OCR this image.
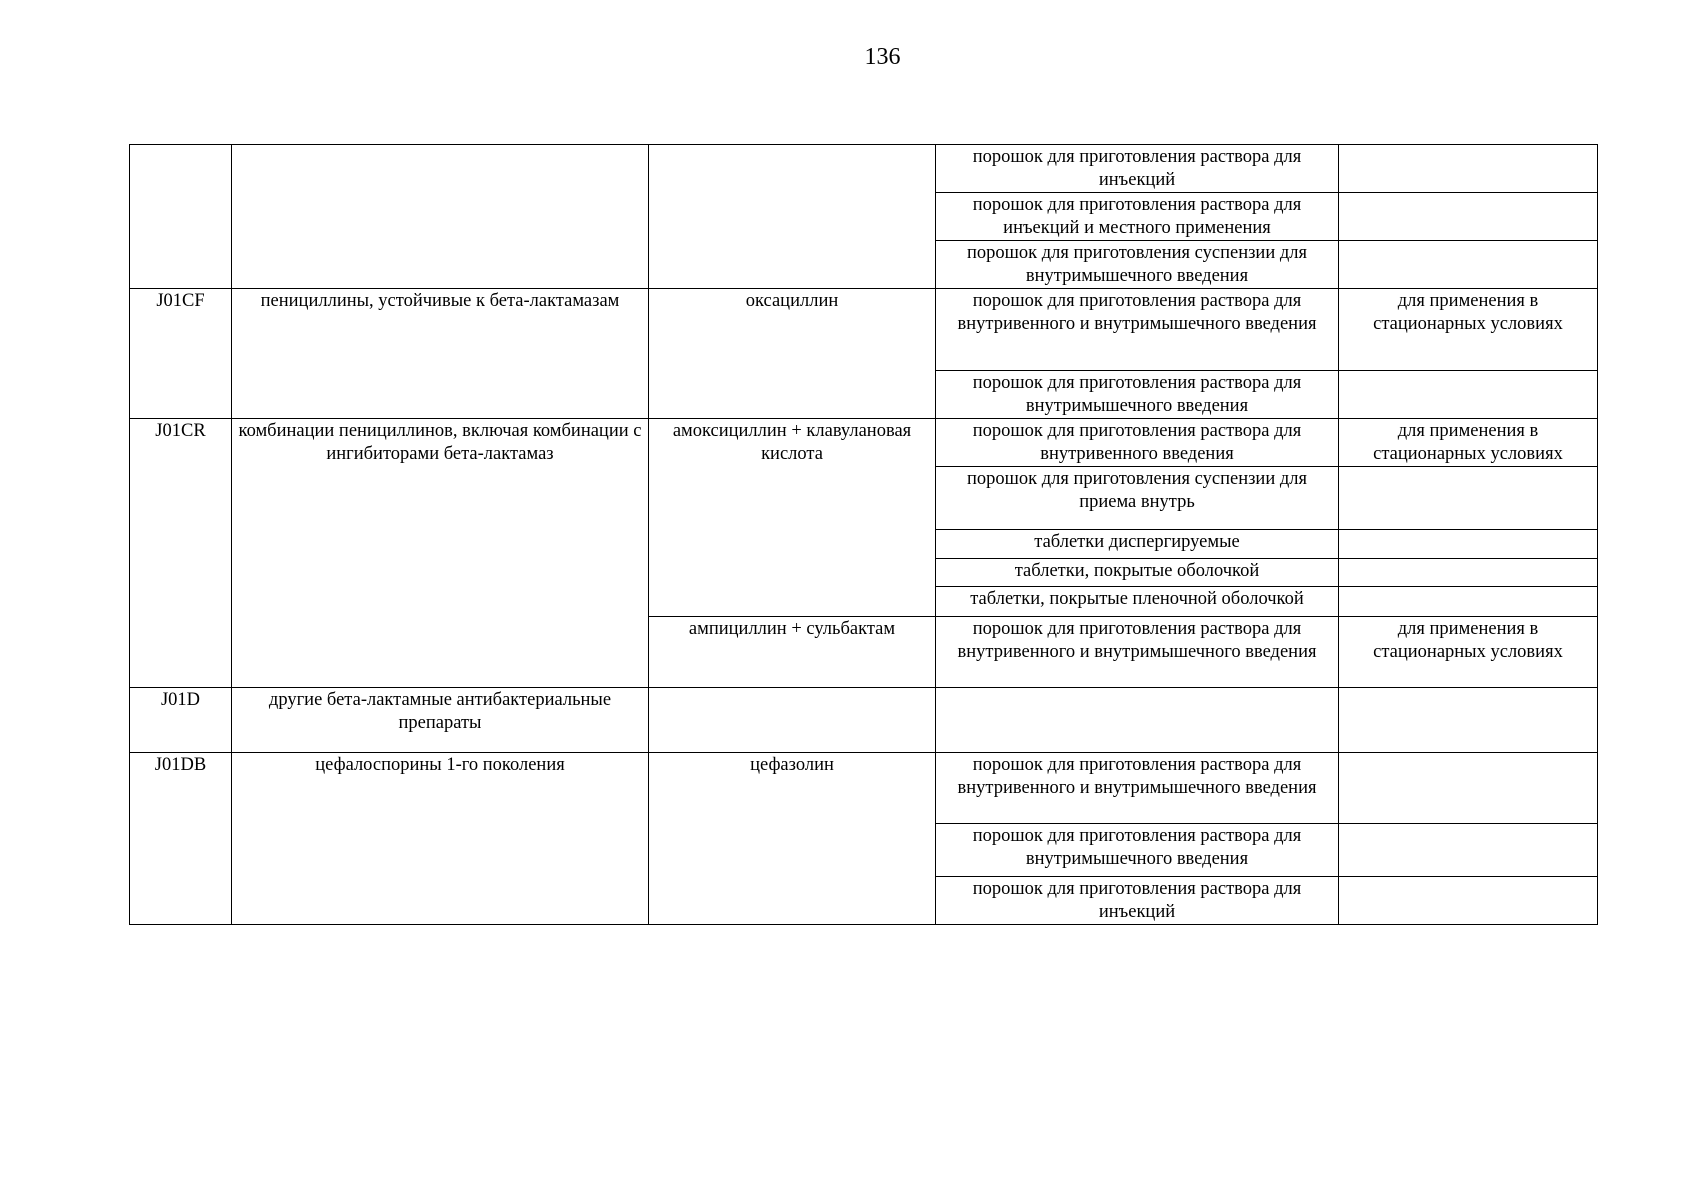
136
			порошок для приготовления раствора для инъекций	
			порошок для приготовления раствора для инъекций и местного применения	
			порошок для приготовления суспензии для внутримышечного введения	
J01CF	пенициллины, устойчивые к бета-лактамазам	оксациллин	порошок для приготовления раствора для внутривенного и внутримышечного введения	для применения в стационарных условиях
			порошок для приготовления раствора для внутримышечного введения	
J01CR	комбинации пенициллинов, включая комбинации с ингибиторами бета-лактамаз	амоксициллин + клавулановая кислота	порошок для приготовления раствора для внутривенного введения	для применения в стационарных условиях
			порошок для приготовления суспензии для приема внутрь	
			таблетки диспергируемые	
			таблетки, покрытые оболочкой	
			таблетки, покрытые пленочной оболочкой	
		ампициллин + сульбактам	порошок для приготовления раствора для внутривенного и внутримышечного введения	для применения в стационарных условиях
J01D	другие бета-лактамные антибактериальные препараты			
J01DB	цефалоспорины 1-го поколения	цефазолин	порошок для приготовления раствора для внутривенного и внутримышечного введения	
			порошок для приготовления раствора для внутримышечного введения	
			порошок для приготовления раствора для инъекций	
